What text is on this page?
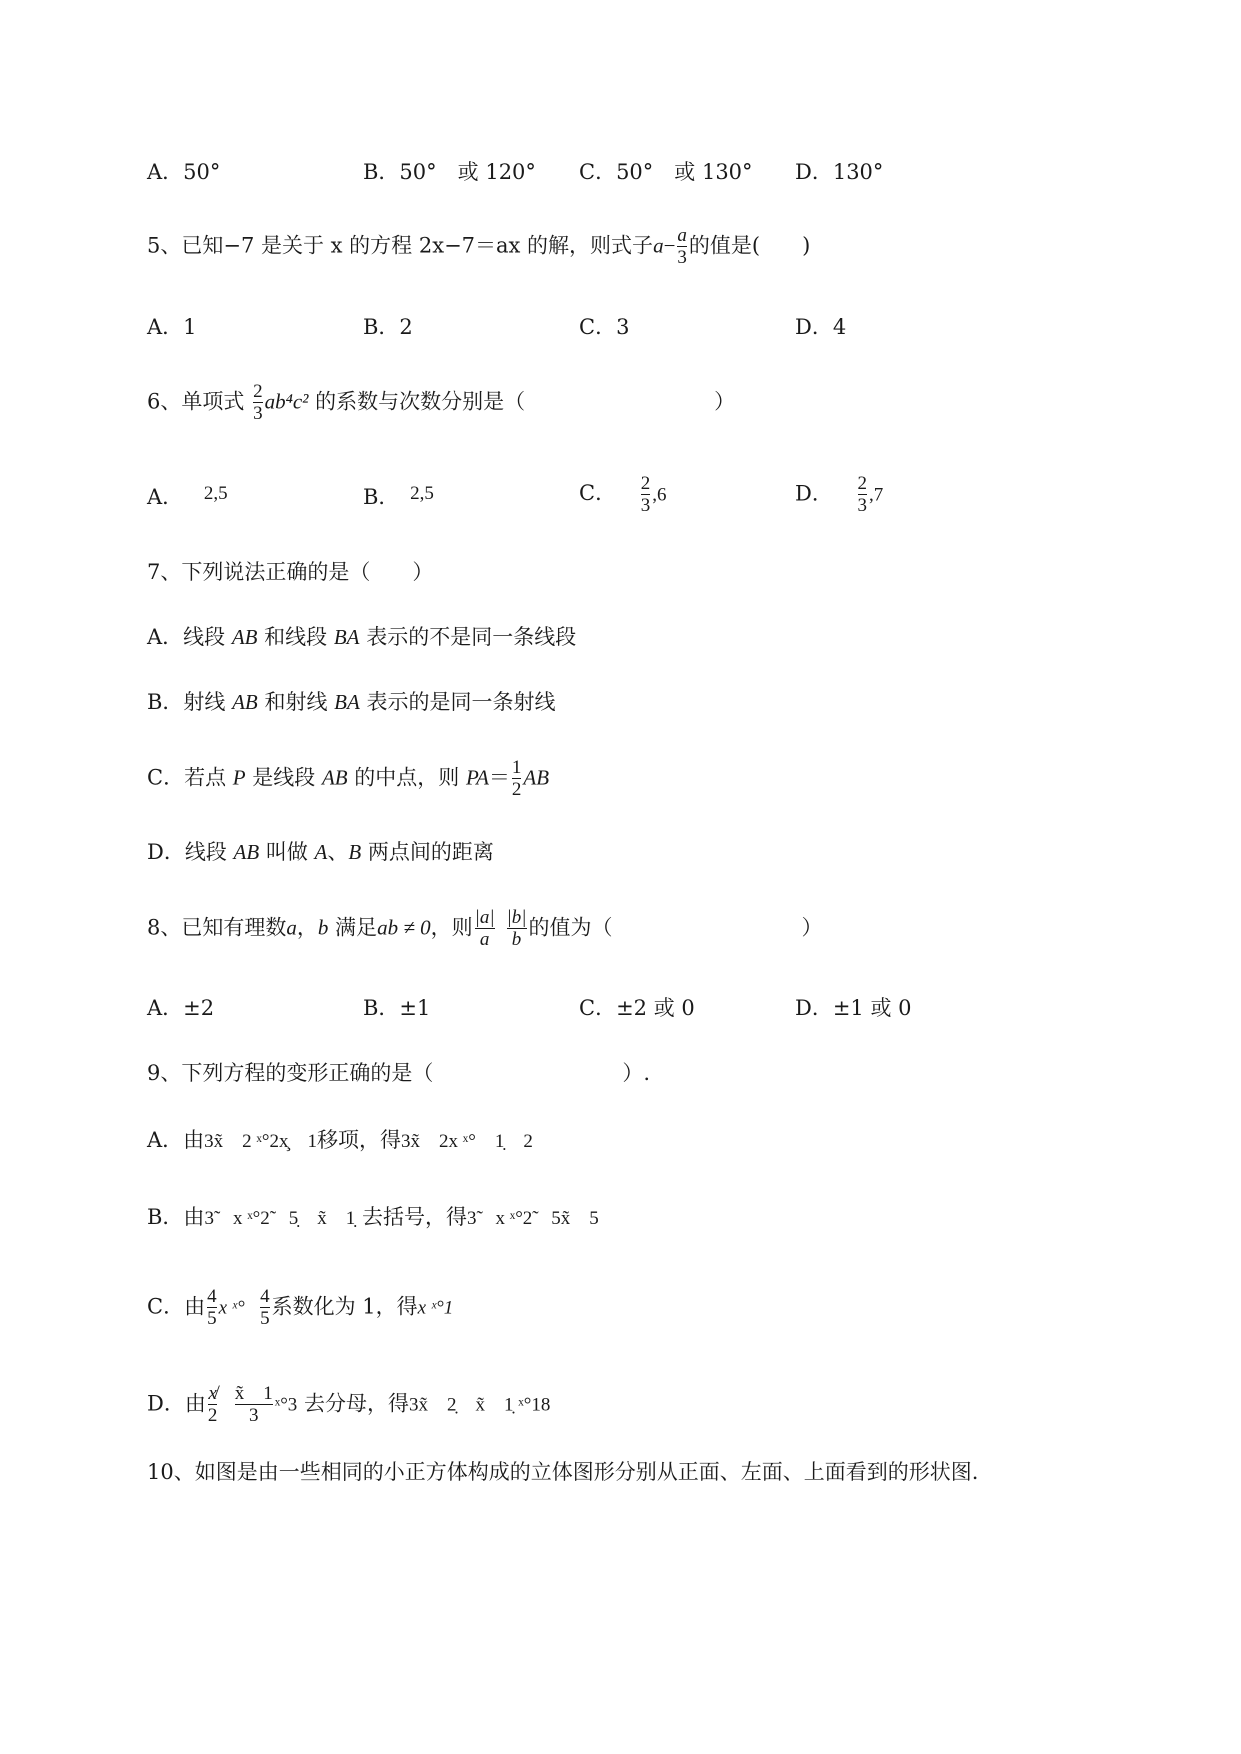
A．50°	B．50°　或 120° C．50°　或 130° D．130°
5、已知−7 是关于 x 的方程 2x−7＝ax 的解，则式子$a- \frac{a}{3}$ 的值是(　　)
A．1	B．2	C．3	D．4
6、单项式 $\frac{2}{3} ab^4c^2$ 的系数与次数分别是（　　　　　　　　　）
A． 2,5	B． 2,5	C． $\frac{2}{3} ,6$	D． $\frac{2}{3} ,7$
7、下列说法正确的是（　　）
A．线段 AB 和线段 BA 表示的不是同一条线段
B．射线 AB 和射线 BA 表示的是同一条射线
C．若点 P 是线段 AB 的中点，则 $PA= \frac{1}{2}$ AB
D．线段 AB 叫做 A、B 两点间的距离
8、已知有理数a，b 满足ab ≠ 0，则 $\frac{|a|}{a} \frac{|b|}{b}$ 的值为（　　　　　　　　　）
A．±2	B．±1	C．±2 或 0	D．±1 或 0
9、下列方程的变形正确的是（　　　　　　　　　）.
A．由3x̃　2 ˣ°2x̧　1移项，得3x̃　2x ˣ°　1̣　2
B．由3̃　x ˣ°2̃　5̣　x̃　1̣ 去括号，得3̃　x ˣ°2̃　5x̃　5
C．由 $\frac{4}{5}$ x ˣ° $\frac{4}{5}$ 系数化为 1，得x ˣ°1
D．由 $\frac{x̸}{2}$
$\frac{x̃ 1}{3}$ ˣ°3 去分母，得3x̃　2̣　x̃　1̣ ˣ°18
10、如图是由一些相同的小正方体构成的立体图形分别从正面、左面、上面看到的形状图.
